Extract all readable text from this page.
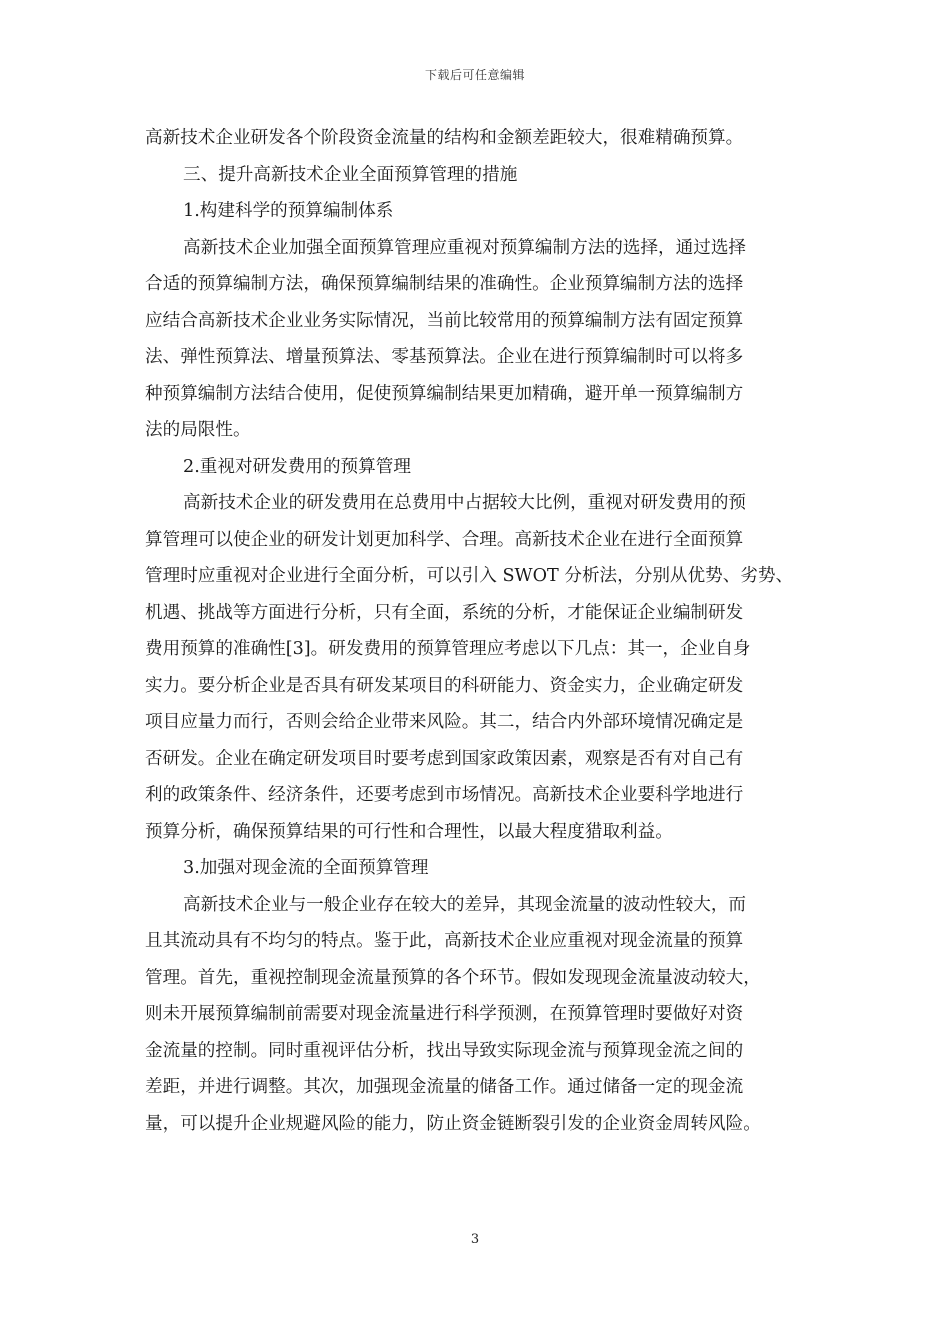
下载后可任意编辑
高新技术企业研发各个阶段资金流量的结构和金额差距较大，很难精确预算。
三、提升高新技术企业全面预算管理的措施
1.构建科学的预算编制体系
高新技术企业加强全面预算管理应重视对预算编制方法的选择，通过选择
合适的预算编制方法，确保预算编制结果的准确性。企业预算编制方法的选择
应结合高新技术企业业务实际情况，当前比较常用的预算编制方法有固定预算
法、弹性预算法、增量预算法、零基预算法。企业在进行预算编制时可以将多
种预算编制方法结合使用，促使预算编制结果更加精确，避开单一预算编制方
法的局限性。
2.重视对研发费用的预算管理
高新技术企业的研发费用在总费用中占据较大比例，重视对研发费用的预
算管理可以使企业的研发计划更加科学、合理。高新技术企业在进行全面预算
管理时应重视对企业进行全面分析，可以引入 SWOT 分析法，分别从优势、劣势、
机遇、挑战等方面进行分析，只有全面，系统的分析，才能保证企业编制研发
费用预算的准确性[3]。研发费用的预算管理应考虑以下几点：其一，企业自身
实力。要分析企业是否具有研发某项目的科研能力、资金实力，企业确定研发
项目应量力而行，否则会给企业带来风险。其二，结合内外部环境情况确定是
否研发。企业在确定研发项目时要考虑到国家政策因素，观察是否有对自己有
利的政策条件、经济条件，还要考虑到市场情况。高新技术企业要科学地进行
预算分析，确保预算结果的可行性和合理性，以最大程度猎取利益。
3.加强对现金流的全面预算管理
高新技术企业与一般企业存在较大的差异，其现金流量的波动性较大，而
且其流动具有不均匀的特点。鉴于此，高新技术企业应重视对现金流量的预算
管理。首先，重视控制现金流量预算的各个环节。假如发现现金流量波动较大，
则未开展预算编制前需要对现金流量进行科学预测，在预算管理时要做好对资
金流量的控制。同时重视评估分析，找出导致实际现金流与预算现金流之间的
差距，并进行调整。其次，加强现金流量的储备工作。通过储备一定的现金流
量，可以提升企业规避风险的能力，防止资金链断裂引发的企业资金周转风险。
3
